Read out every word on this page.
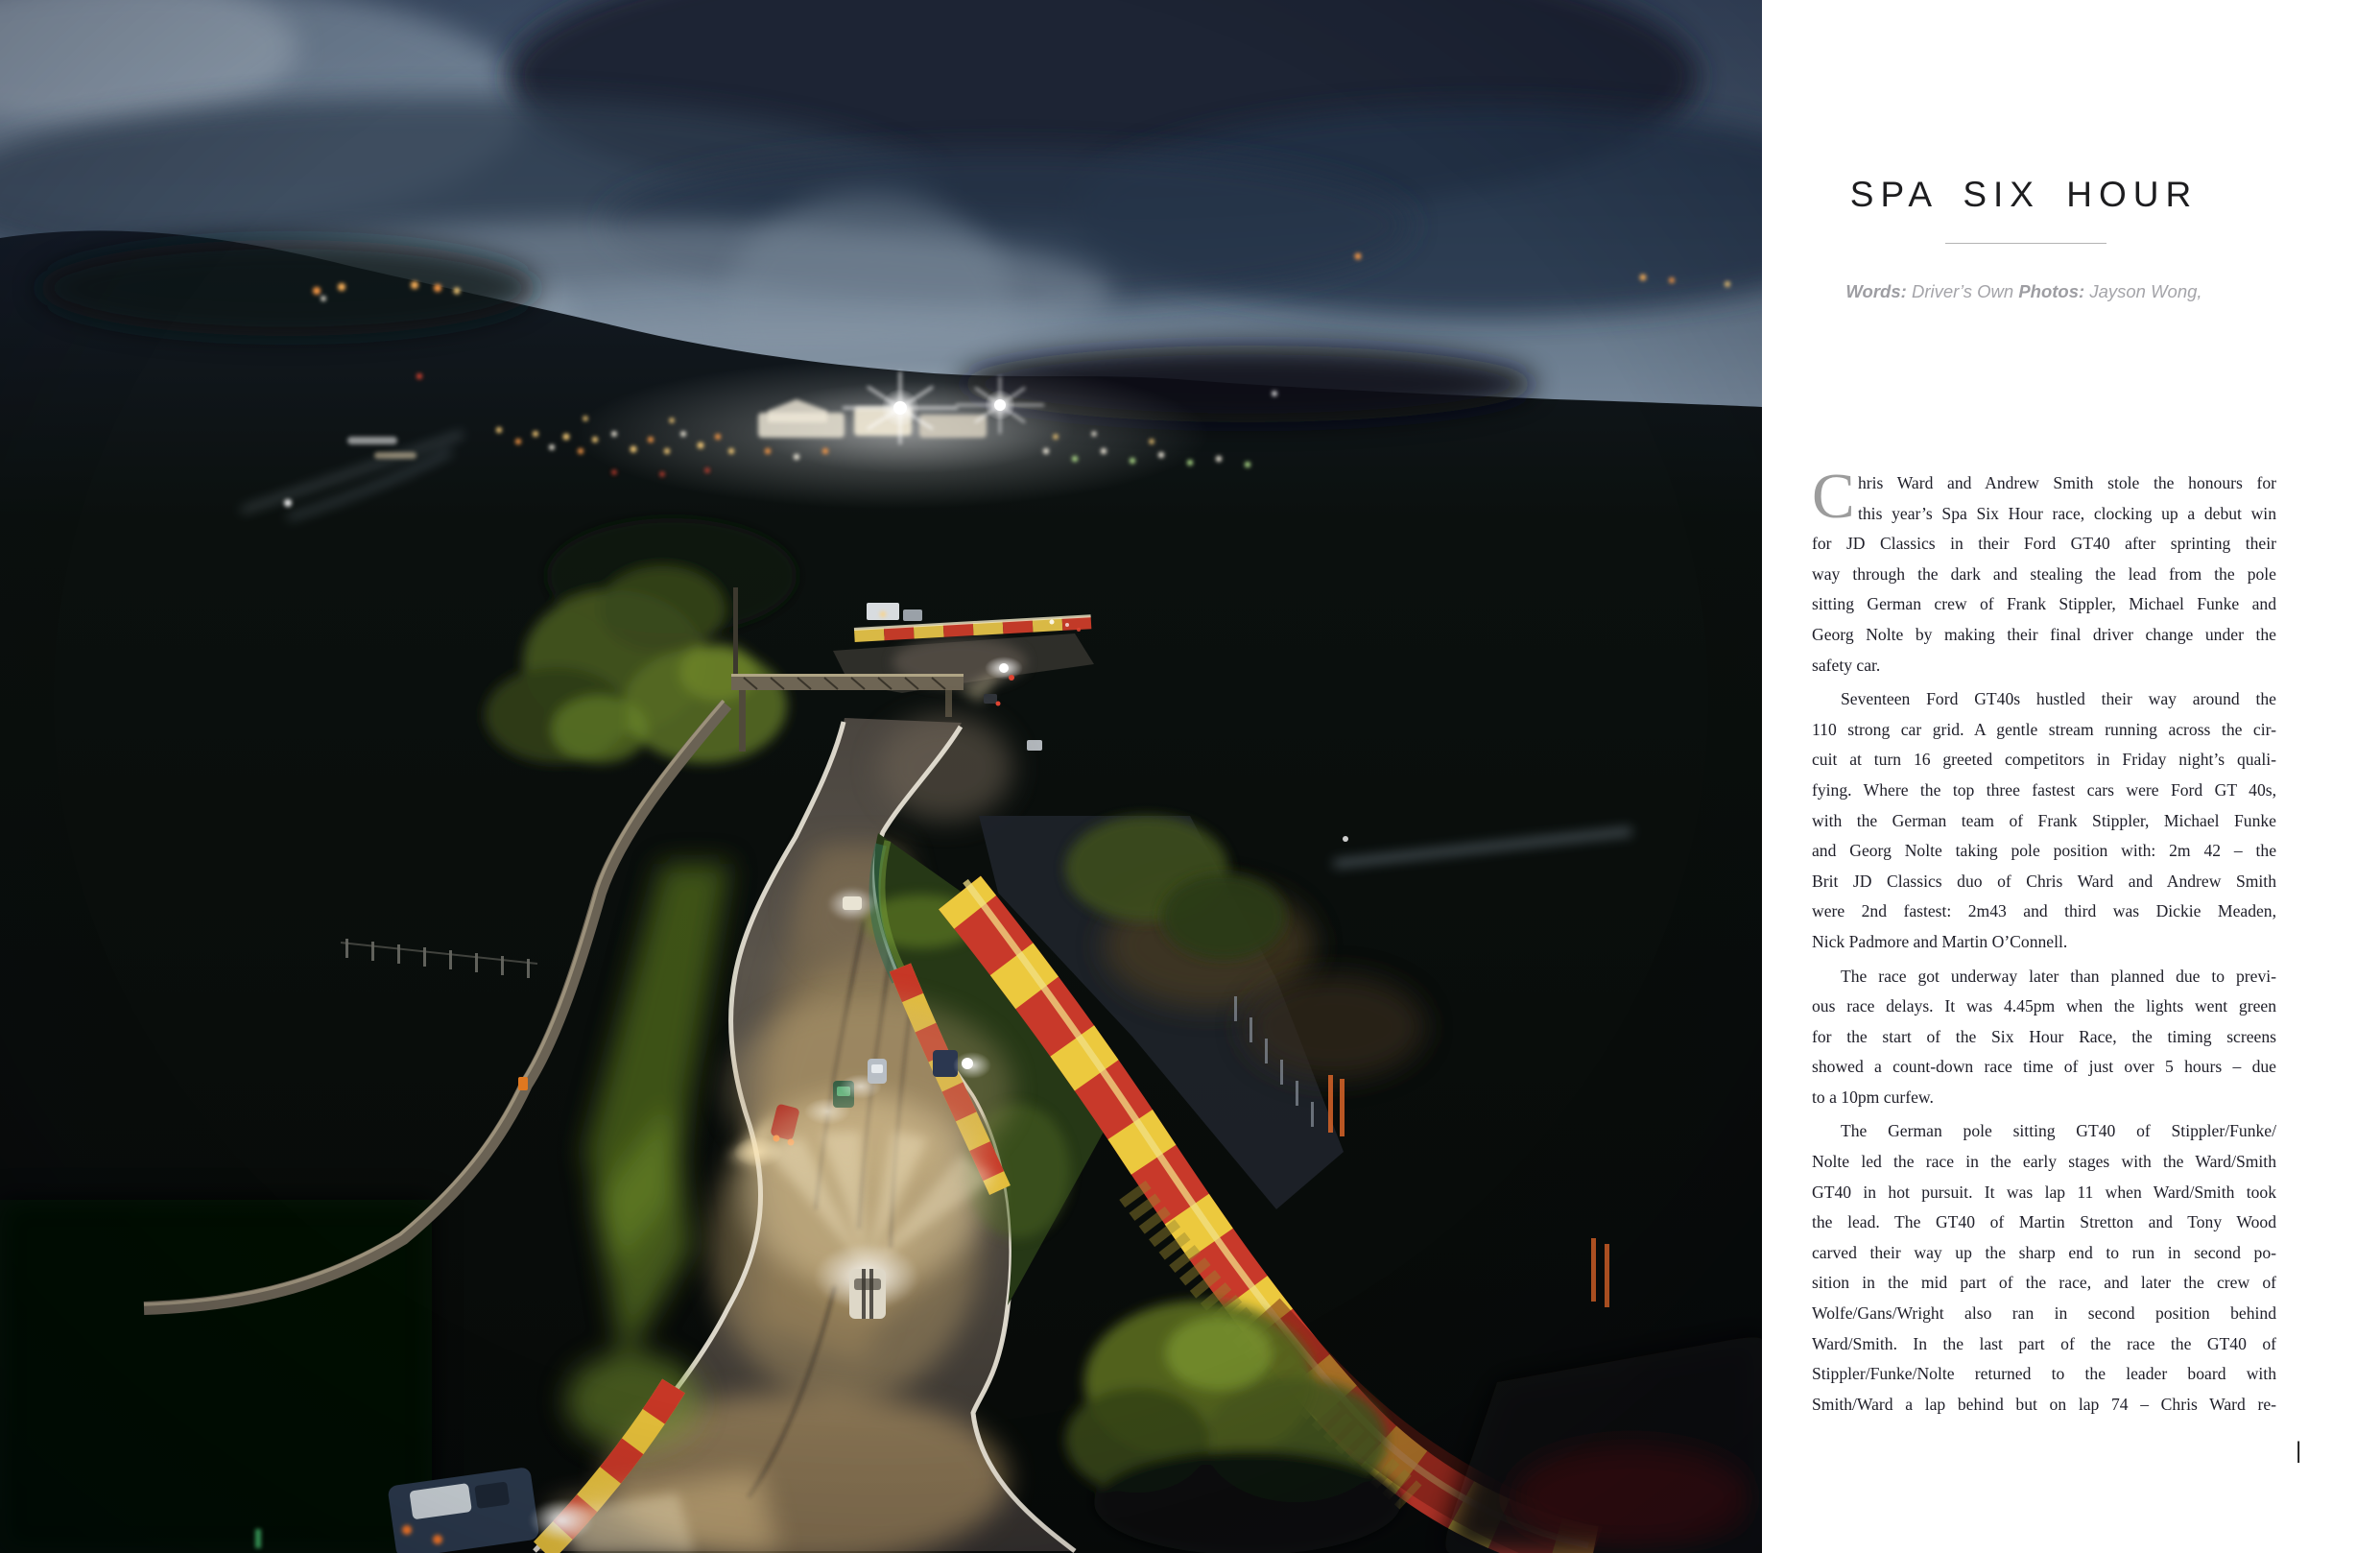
SPA SIX HOUR

Words: Driver’s Own Photos: Jayson Wong,

C hris Ward and Andrew Smith stole the honours for
this year’s Spa Six Hour race, clocking up a debut win
for JD Classics in their Ford GT40 after sprinting their
way through the dark and stealing the lead from the pole
sitting German crew of Frank Stippler, Michael Funke and
Georg Nolte by making their final driver change under the
safety car.
Seventeen Ford GT40s hustled their way around the
110 strong car grid. A gentle stream running across the cir-
cuit at turn 16 greeted competitors in Friday night’s quali-
fying. Where the top three fastest cars were Ford GT 40s,
with the German team of Frank Stippler, Michael Funke
and Georg Nolte taking pole position with: 2m 42 – the
Brit JD Classics duo of Chris Ward and Andrew Smith
were 2nd fastest: 2m43 and third was Dickie Meaden,
Nick Padmore and Martin O’Connell.
The race got underway later than planned due to previ-
ous race delays. It was 4.45pm when the lights went green
for the start of the Six Hour Race, the timing screens
showed a count-down race time of just over 5 hours – due
to a 10pm curfew.
The German pole sitting GT40 of Stippler/Funke/
Nolte led the race in the early stages with the Ward/Smith
GT40 in hot pursuit. It was lap 11 when Ward/Smith took
the lead. The GT40 of Martin Stretton and Tony Wood
carved their way up the sharp end to run in second po-
sition in the mid part of the race, and later the crew of
Wolfe/Gans/Wright also ran in second position behind
Ward/Smith. In the last part of the race the GT40 of
Stippler/Funke/Nolte returned to the leader board with
Smith/Ward a lap behind but on lap 74 – Chris Ward re-
|
